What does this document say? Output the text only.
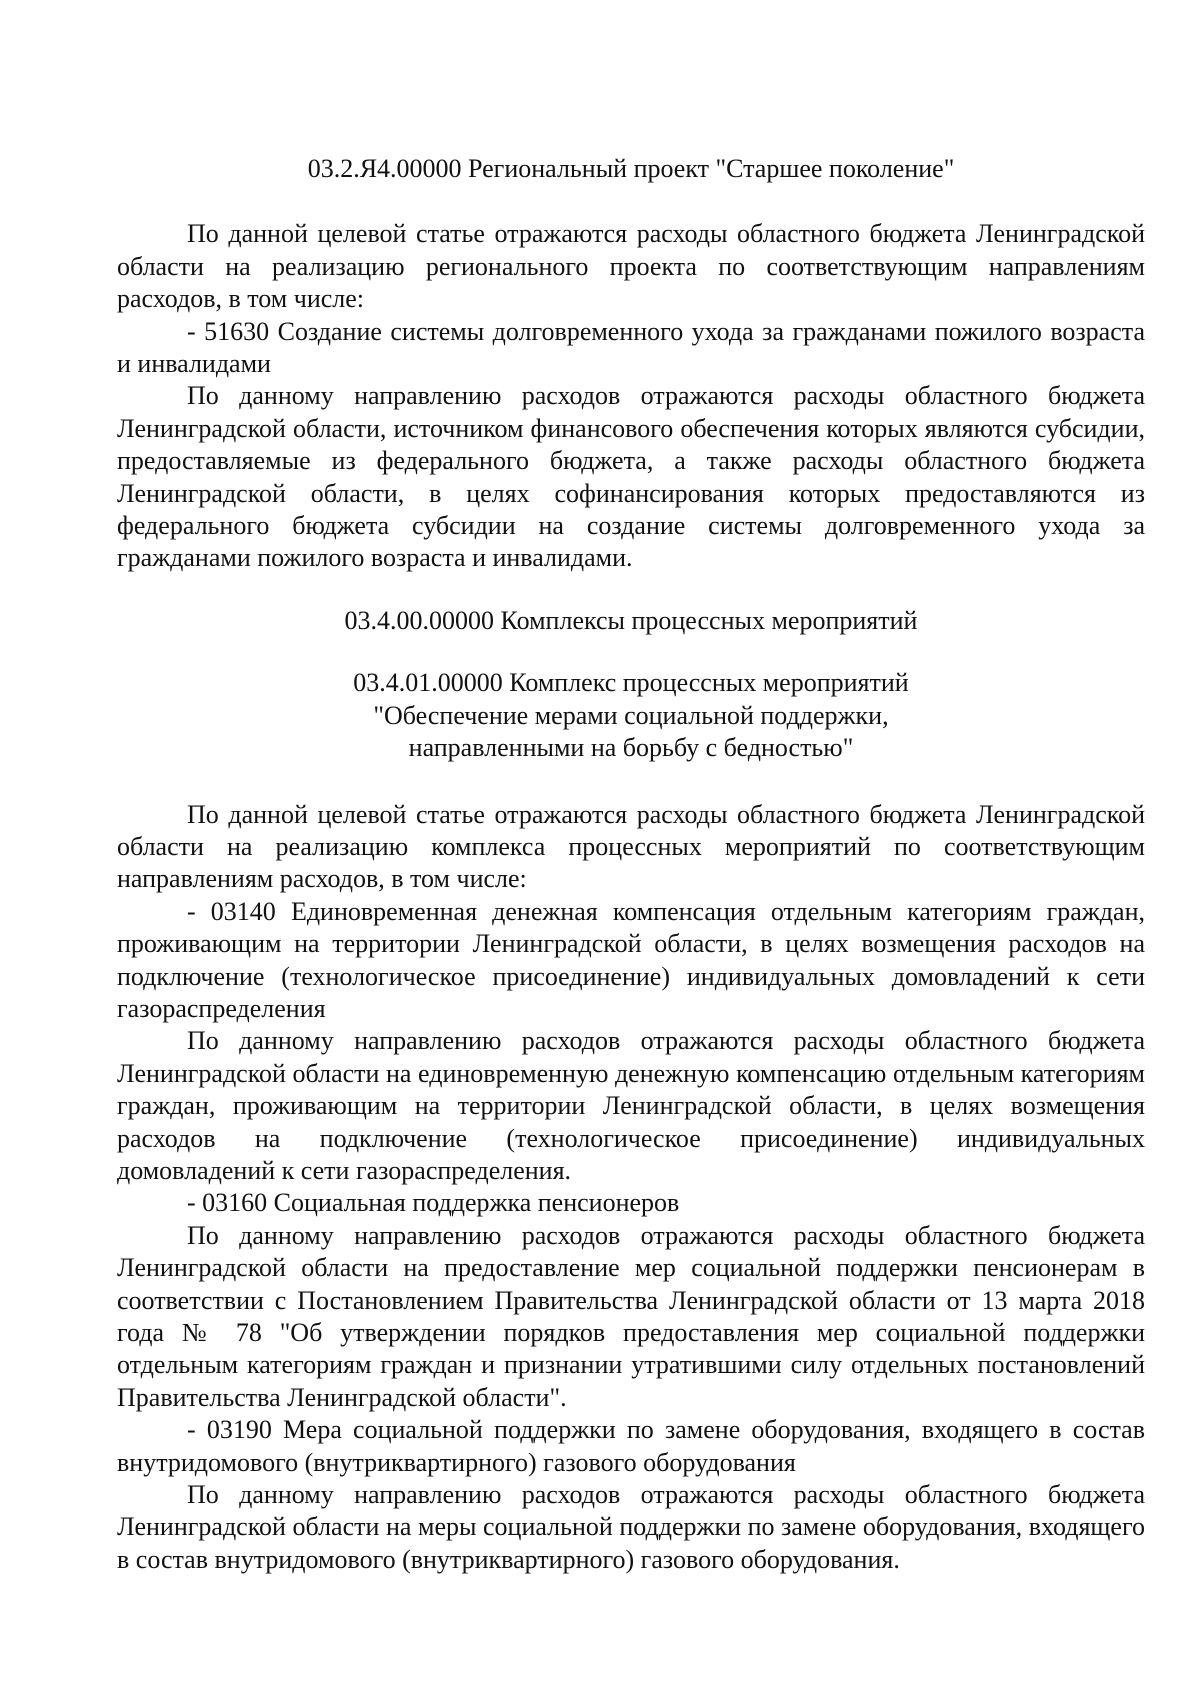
03.2.Я4.00000 Региональный проект "Старшее поколение"

По данной целевой статье отражаются расходы областного бюджета Ленинградской области на реализацию регионального проекта по соответствующим направлениям расходов, в том числе:

- 51630 Создание системы долговременного ухода за гражданами пожилого возраста и инвалидами

По данному направлению расходов отражаются расходы областного бюджета Ленинградской области, источником финансового обеспечения которых являются субсидии, предоставляемые из федерального бюджета, а также расходы областного бюджета Ленинградской области, в целях софинансирования которых предоставляются из федерального бюджета субсидии на создание системы долговременного ухода за гражданами пожилого возраста и инвалидами.

03.4.00.00000 Комплексы процессных мероприятий

03.4.01.00000 Комплекс процессных мероприятий

"Обеспечение мерами социальной поддержки,

направленными на борьбу с бедностью"

По данной целевой статье отражаются расходы областного бюджета Ленинградской области на реализацию комплекса процессных мероприятий по соответствующим направлениям расходов, в том числе:

- 03140 Единовременная денежная компенсация отдельным категориям граждан, проживающим на территории Ленинградской области, в целях возмещения расходов на подключение (технологическое присоединение) индивидуальных домовладений к сети газораспределения

По данному направлению расходов отражаются расходы областного бюджета Ленинградской области на единовременную денежную компенсацию отдельным категориям граждан, проживающим на территории Ленинградской области, в целях возмещения расходов на подключение (технологическое присоединение) индивидуальных домовладений к сети газораспределения.

- 03160 Социальная поддержка пенсионеров

По данному направлению расходов отражаются расходы областного бюджета Ленинградской области на предоставление мер социальной поддержки пенсионерам в соответствии с Постановлением Правительства Ленинградской области от 13 марта 2018 года № 78 "Об утверждении порядков предоставления мер социальной поддержки отдельным категориям граждан и признании утратившими силу отдельных постановлений Правительства Ленинградской области".

- 03190 Мера социальной поддержки по замене оборудования, входящего в состав внутридомового (внутриквартирного) газового оборудования

По данному направлению расходов отражаются расходы областного бюджета Ленинградской области на меры социальной поддержки по замене оборудования, входящего в состав внутридомового (внутриквартирного) газового оборудования.
